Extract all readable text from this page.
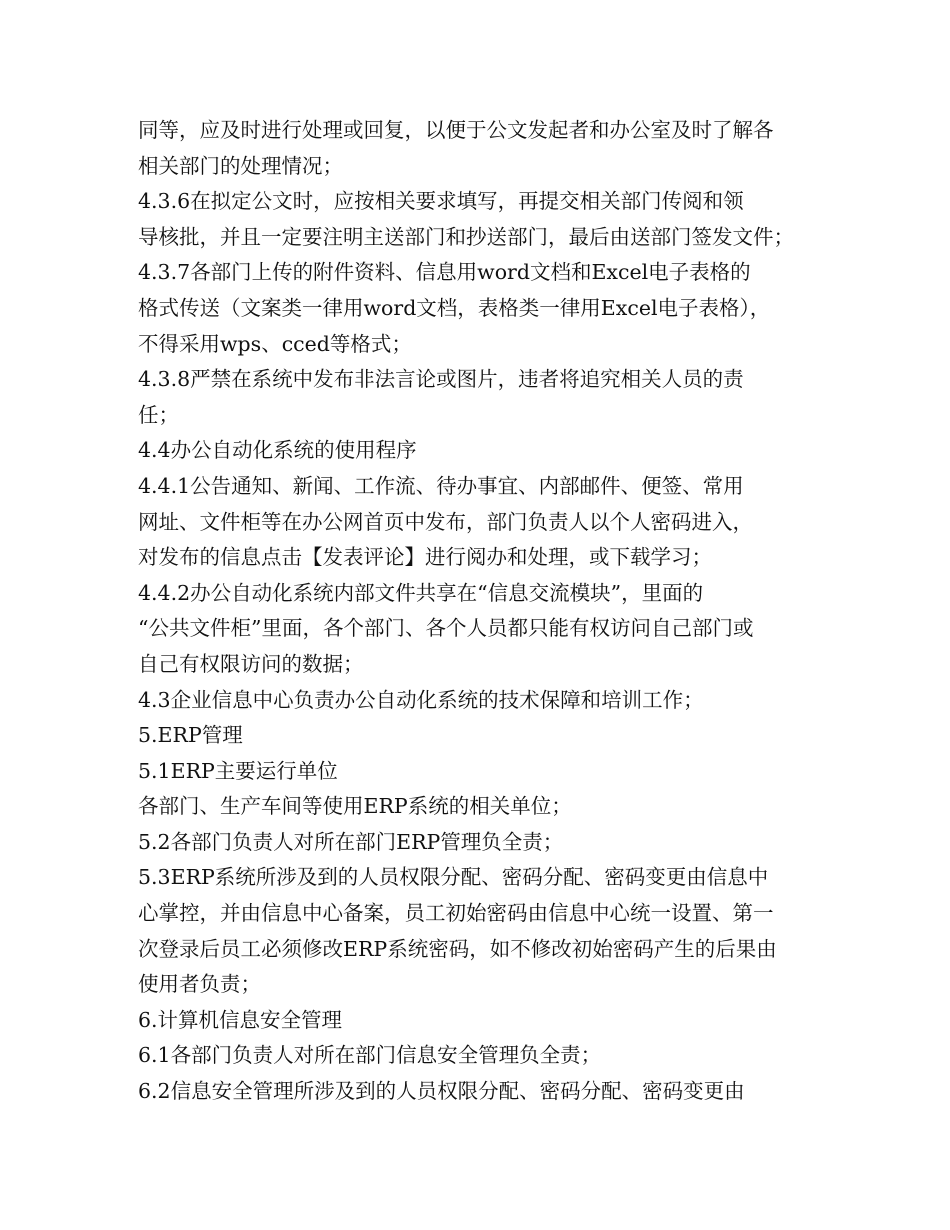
同等，应及时进行处理或回复，以便于公文发起者和办公室及时了解各
相关部门的处理情况；
4.3.6在拟定公文时，应按相关要求填写，再提交相关部门传阅和领
导核批，并且一定要注明主送部门和抄送部门，最后由送部门签发文件；
4.3.7各部门上传的附件资料、信息用word文档和Excel电子表格的
格式传送（文案类一律用word文档，表格类一律用Excel电子表格），
不得采用wps、cced等格式；
4.3.8严禁在系统中发布非法言论或图片，违者将追究相关人员的责
任；
4.4办公自动化系统的使用程序
4.4.1公告通知、新闻、工作流、待办事宜、内部邮件、便签、常用
网址、文件柜等在办公网首页中发布，部门负责人以个人密码进入，
对发布的信息点击【发表评论】进行阅办和处理，或下载学习；
4.4.2办公自动化系统内部文件共享在“信息交流模块”，里面的
“公共文件柜”里面，各个部门、各个人员都只能有权访问自己部门或
自己有权限访问的数据；
4.3企业信息中心负责办公自动化系统的技术保障和培训工作；
5.ERP管理
5.1ERP主要运行单位
各部门、生产车间等使用ERP系统的相关单位；
5.2各部门负责人对所在部门ERP管理负全责；
5.3ERP系统所涉及到的人员权限分配、密码分配、密码变更由信息中
心掌控，并由信息中心备案，员工初始密码由信息中心统一设置、第一
次登录后员工必须修改ERP系统密码，如不修改初始密码产生的后果由
使用者负责；
6.计算机信息安全管理
6.1各部门负责人对所在部门信息安全管理负全责；
6.2信息安全管理所涉及到的人员权限分配、密码分配、密码变更由
